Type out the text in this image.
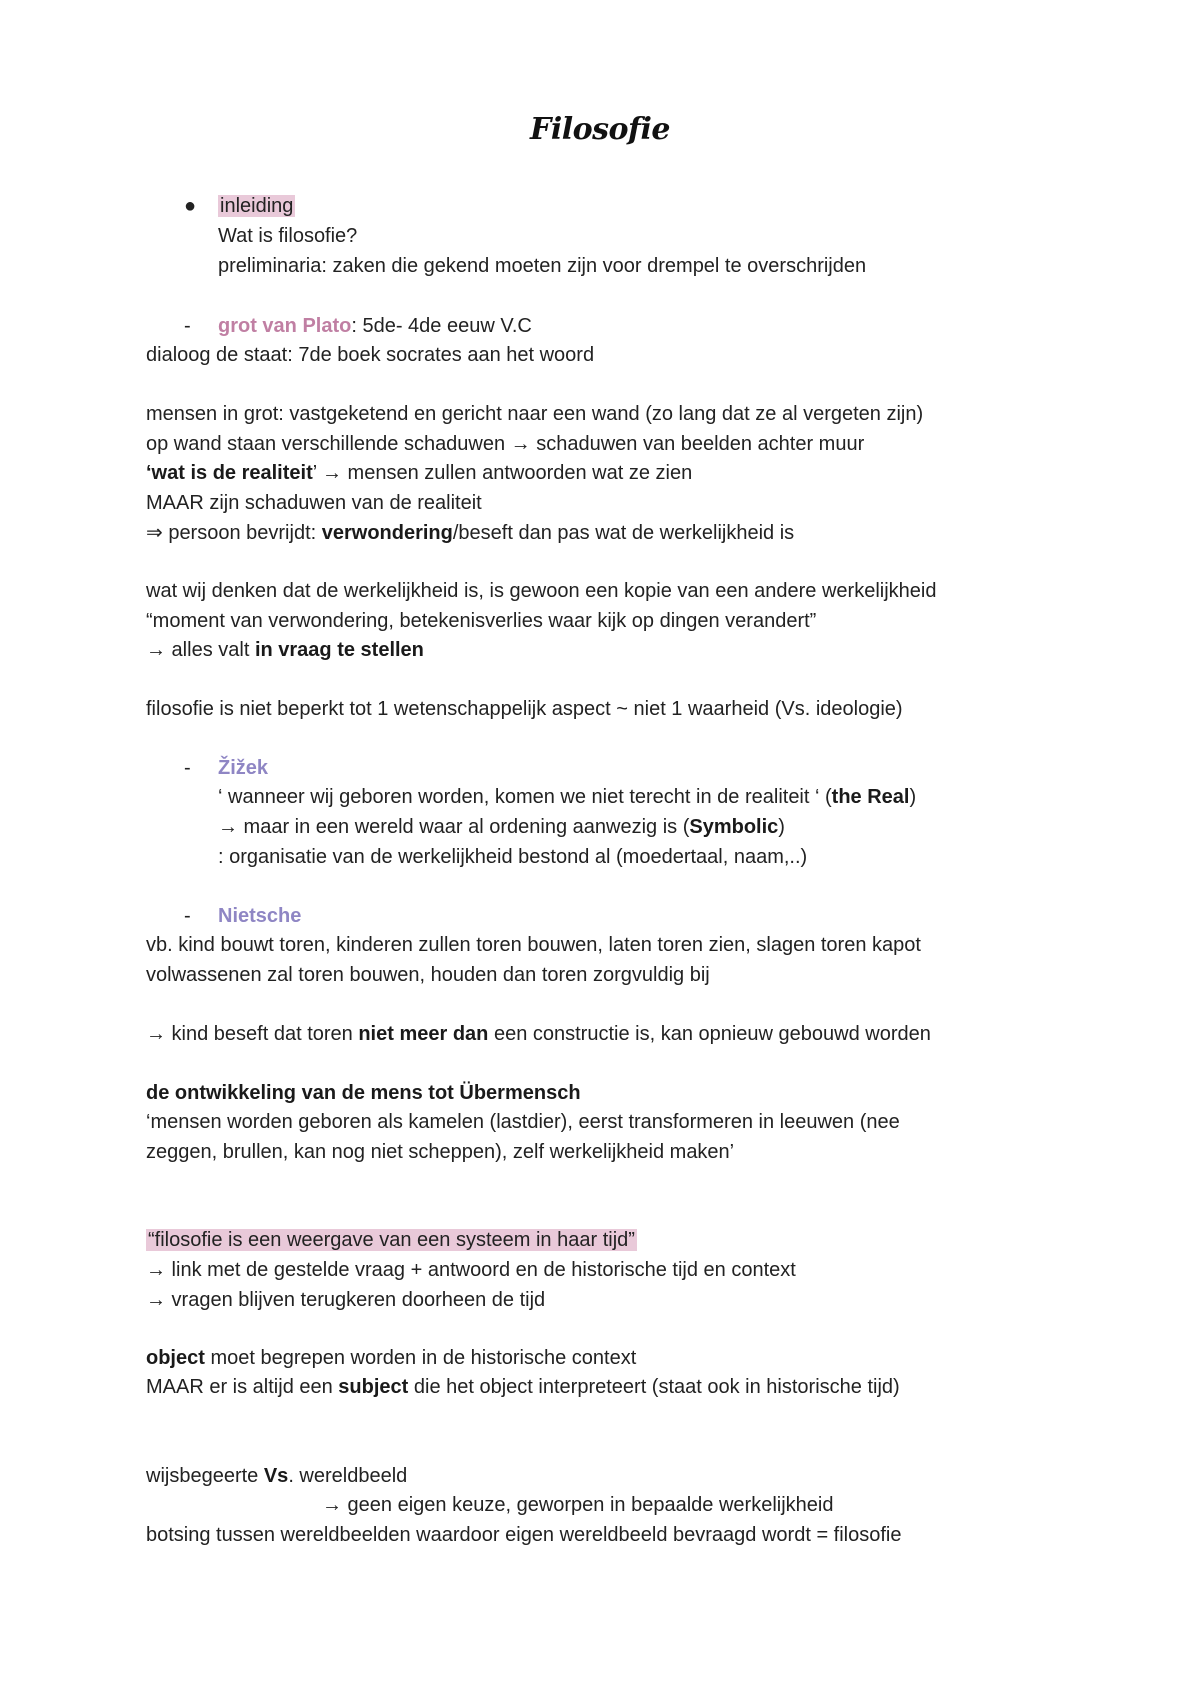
Filosofie
● inleiding
Wat is filosofie?
preliminaria: zaken die gekend moeten zijn voor drempel te overschrijden
- grot van Plato: 5de- 4de eeuw V.C
dialoog de staat: 7de boek socrates aan het woord
mensen in grot: vastgeketend en gericht naar een wand (zo lang dat ze al vergeten zijn)
op wand staan verschillende schaduwen → schaduwen van beelden achter muur
‘wat is de realiteit’ → mensen zullen antwoorden wat ze zien
MAAR zijn schaduwen van de realiteit
⇒ persoon bevrijdt: verwondering/beseft dan pas wat de werkelijkheid is
wat wij denken dat de werkelijkheid is, is gewoon een kopie van een andere werkelijkheid
“moment van verwondering, betekenisverlies waar kijk op dingen verandert”
→ alles valt in vraag te stellen
filosofie is niet beperkt tot 1 wetenschappelijk aspect ~ niet 1 waarheid (Vs. ideologie)
- Žižek
‘ wanneer wij geboren worden, komen we niet terecht in de realiteit ‘ (the Real)
→ maar in een wereld waar al ordening aanwezig is (Symbolic)
: organisatie van de werkelijkheid bestond al (moedertaal, naam,..)
- Nietsche
vb. kind bouwt toren, kinderen zullen toren bouwen, laten toren zien, slagen toren kapot
volwassenen zal toren bouwen, houden dan toren zorgvuldig bij
→ kind beseft dat toren niet meer dan een constructie is, kan opnieuw gebouwd worden
de ontwikkeling van de mens tot Übermensch
‘mensen worden geboren als kamelen (lastdier), eerst transformeren in leeuwen (nee
zeggen, brullen, kan nog niet scheppen), zelf werkelijkheid maken’
“filosofie is een weergave van een systeem in haar tijd”
→ link met de gestelde vraag + antwoord en de historische tijd en context
→ vragen blijven terugkeren doorheen de tijd
object moet begrepen worden in de historische context
MAAR er is altijd een subject die het object interpreteert (staat ook in historische tijd)
wijsbegeerte Vs. wereldbeeld
→ geen eigen keuze, geworpen in bepaalde werkelijkheid
botsing tussen wereldbeelden waardoor eigen wereldbeeld bevraagd wordt = filosofie
